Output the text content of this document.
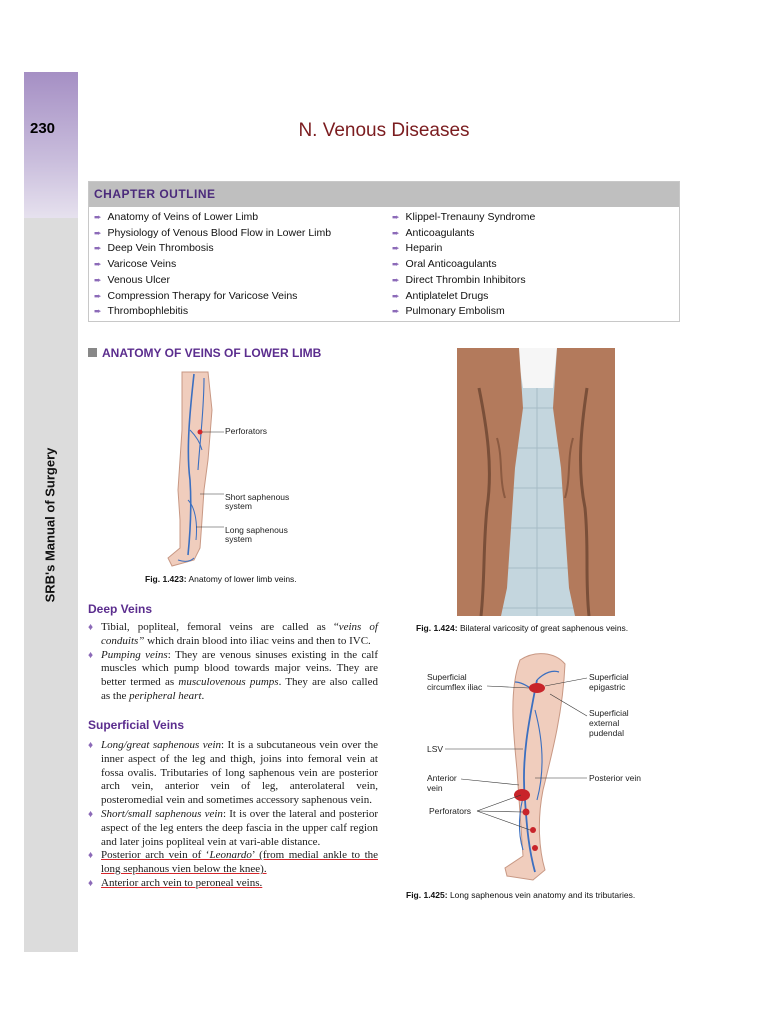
230
SRB's Manual of Surgery
N. Venous Diseases
CHAPTER OUTLINE
➨ Anatomy of Veins of Lower Limb
➨ Physiology of Venous Blood Flow in Lower Limb
➨ Deep Vein Thrombosis
➨ Varicose Veins
➨ Venous Ulcer
➨ Compression Therapy for Varicose Veins
➨ Thrombophlebitis
➨ Klippel-Trenauny Syndrome
➨ Anticoagulants
➨ Heparin
➨ Oral Anticoagulants
➨ Direct Thrombin Inhibitors
➨ Antiplatelet Drugs
➨ Pulmonary Embolism
ANATOMY OF VEINS OF LOWER LIMB
Perforators
Short saphenous
system
Long saphenous
system
Fig. 1.423: Anatomy of lower limb veins.
Fig. 1.424: Bilateral varicosity of great saphenous veins.
Superficial
circumflex iliac
Superficial
epigastric
Superficial
external
pudendal
LSV
Anterior
vein
Posterior vein
Perforators
Fig. 1.425: Long saphenous vein anatomy and its tributaries.
Deep Veins
♦ Tibial, popliteal, femoral veins are called as “veins of conduits” which drain blood into iliac veins and then to IVC.
♦ Pumping veins: They are venous sinuses existing in the calf muscles which pump blood towards major veins. They are better termed as musculovenous pumps. They are also called as the peripheral heart.
Superficial Veins
♦ Long/great saphenous vein: It is a subcutaneous vein over the inner aspect of the leg and thigh, joins into femoral vein at fossa ovalis. Tributaries of long saphenous vein are posterior arch vein, anterior vein of leg, anterolateral vein, posteromedial vein and sometimes accessory saphenous vein.
♦ Short/small saphenous vein: It is over the lateral and posterior aspect of the leg enters the deep fascia in the upper calf region and later joins popliteal vein at vari-able distance.
♦ Posterior arch vein of ‘Leonardo’ (from medial ankle to the long sephanous vien below the knee).
♦ Anterior arch vein to peroneal veins.
